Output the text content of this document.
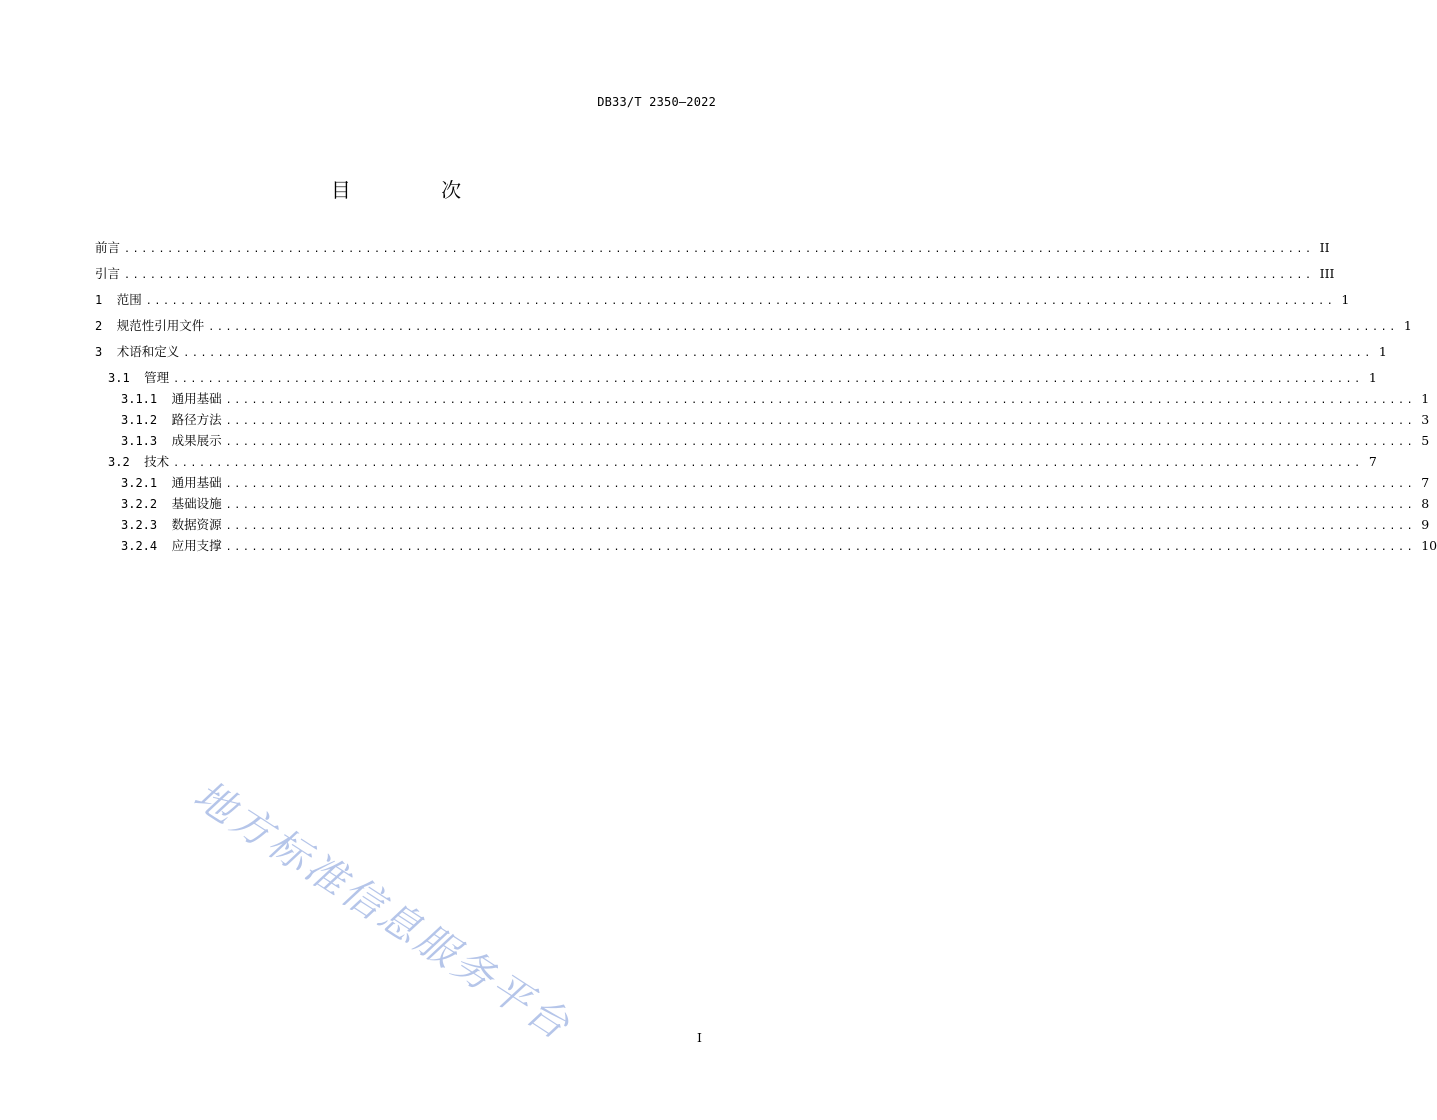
DB33/T 2350—2022
目 次
前言 .......................................................................................................................................... II
引言 .......................................................................................................................................... III
1 范围 .......................................................................................................................................... 1
2 规范性引用文件 .......................................................................................................................................... 1
3 术语和定义 .......................................................................................................................................... 1
3.1 管理 .......................................................................................................................................... 1
3.1.1 通用基础 .......................................................................................................................................... 1
3.1.2 路径方法 .......................................................................................................................................... 3
3.1.3 成果展示 .......................................................................................................................................... 5
3.2 技术 .......................................................................................................................................... 7
3.2.1 通用基础 .......................................................................................................................................... 7
3.2.2 基础设施 .......................................................................................................................................... 8
3.2.3 数据资源 .......................................................................................................................................... 9
3.2.4 应用支撑 .......................................................................................................................................... 10
地方标准信息服务平台	I
